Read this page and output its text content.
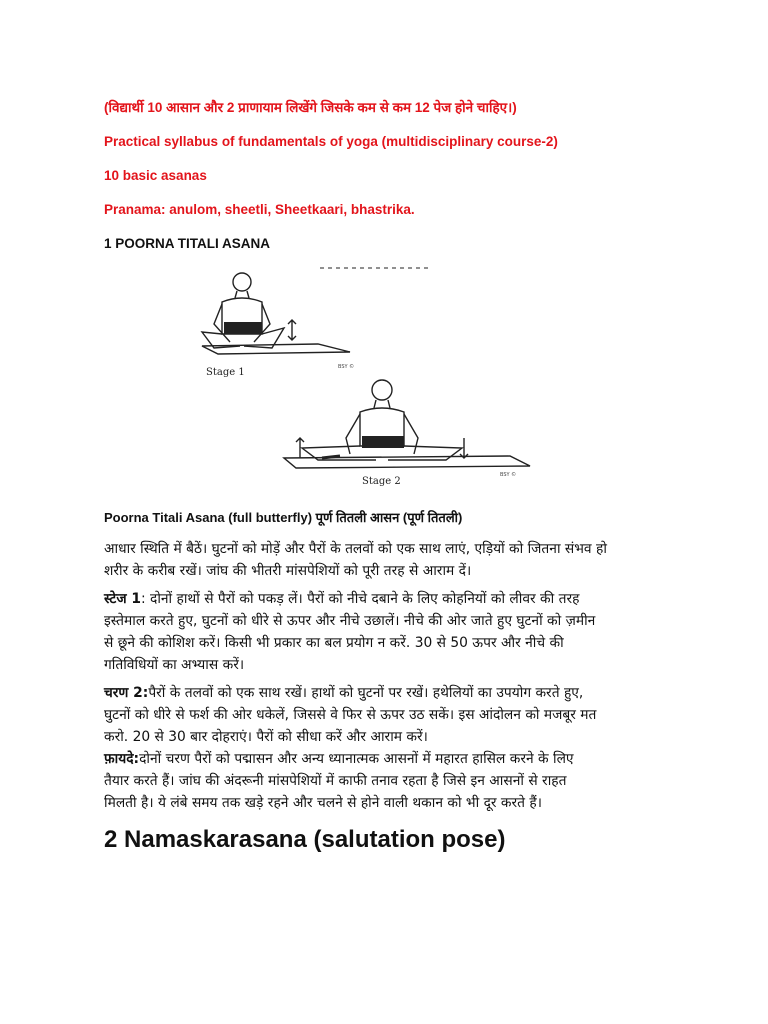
(विद्यार्थी 10 आसान और 2 प्राणायाम लिखेंगे जिसके कम से कम 12 पेज होने चाहिए।)

Practical syllabus of fundamentals of yoga (multidisciplinary course-2)

10 basic asanas

Pranama: anulom, sheetli, Sheetkaari, bhastrika.

1 POORNA TITALI ASANA

Stage 1
Stage 2
BSY ©
BSY ©

Poorna Titali Asana (full butterfly) पूर्ण तितली आसन (पूर्ण तितली)

आधार स्थिति में बैठें। घुटनों को मोड़ें और पैरों के तलवों को एक साथ लाएं, एड़ियों को जितना संभव हो
शरीर के करीब रखें। जांघ की भीतरी मांसपेशियों को पूरी तरह से आराम दें।
स्टेज 1: दोनों हाथों से पैरों को पकड़ लें। पैरों को नीचे दबाने के लिए कोहनियों को लीवर की तरह
इस्तेमाल करते हुए, घुटनों को धीरे से ऊपर और नीचे उछालें। नीचे की ओर जाते हुए घुटनों को ज़मीन
से छूने की कोशिश करें। किसी भी प्रकार का बल प्रयोग न करें. 30 से 50 ऊपर और नीचे की
गतिविधियों का अभ्यास करें।
चरण 2:पैरों के तलवों को एक साथ रखें। हाथों को घुटनों पर रखें। हथेलियों का उपयोग करते हुए,
घुटनों को धीरे से फर्श की ओर धकेलें, जिससे वे फिर से ऊपर उठ सकें। इस आंदोलन को मजबूर मत
करो. 20 से 30 बार दोहराएं। पैरों को सीधा करें और आराम करें।
फ़ायदे:दोनों चरण पैरों को पद्मासन और अन्य ध्यानात्मक आसनों में महारत हासिल करने के लिए
तैयार करते हैं। जांघ की अंदरूनी मांसपेशियों में काफी तनाव रहता है जिसे इन आसनों से राहत
मिलती है। ये लंबे समय तक खड़े रहने और चलने से होने वाली थकान को भी दूर करते हैं।

2 Namaskarasana (salutation pose)
